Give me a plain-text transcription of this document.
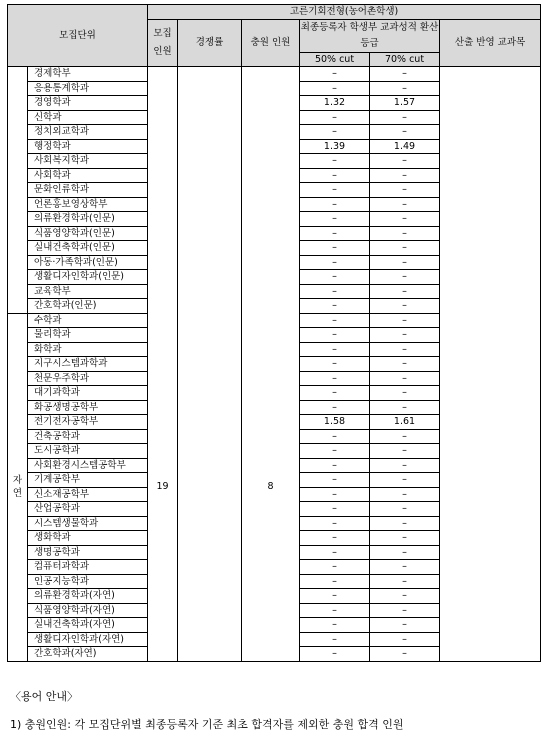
모집단위		고른기회전형(농어촌학생)					
		모집 인원	경쟁률	충원 인원	최종등록자 학생부 교과성적 환산등급		산출 반영 교과목
					50% cut	70% cut	
	경제학부	19		8	–	–	
	응용통계학과				–	–	
	경영학과				1.32	1.57	
	신학과				–	–	
	정치외교학과				–	–	
	행정학과				1.39	1.49	
	사회복지학과				–	–	
	사회학과				–	–	
	문화인류학과				–	–	
	언론홍보영상학부				–	–	
	의류환경학과(인문)				–	–	
	식품영양학과(인문)				–	–	
	실내건축학과(인문)				–	–	
	아동·가족학과(인문)				–	–	
	생활디자인학과(인문)				–	–	
	교육학부				–	–	
	간호학과(인문)				–	–	
자
연	수학과				–	–	
	물리학과				–	–	
	화학과				–	–	
	지구시스템과학과				–	–	
	천문우주학과				–	–	
	대기과학과				–	–	
	화공생명공학부				–	–	
	전기전자공학부				1.58	1.61	
	건축공학과				–	–	
	도시공학과				–	–	
	사회환경시스템공학부				–	–	
	기계공학부				–	–	
	신소재공학부				–	–	
	산업공학과				–	–	
	시스템생물학과				–	–	
	생화학과				–	–	
	생명공학과				–	–	
	컴퓨터과학과				–	–	
	인공지능학과				–	–	
	의류환경학과(자연)				–	–	
	식품영양학과(자연)				–	–	
	실내건축학과(자연)				–	–	
	생활디자인학과(자연)				–	–	
	간호학과(자연)				–	–	
〈용어 안내〉
1) 충원인원: 각 모집단위별 최종등록자 기준 최초 합격자를 제외한 충원 합격 인원
